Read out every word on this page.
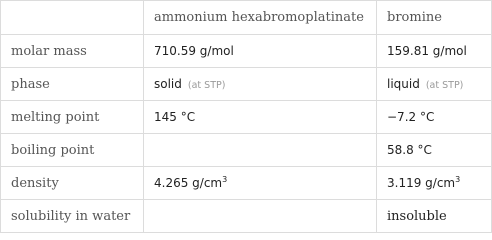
	ammonium hexabromoplatinate	bromine
molar mass	710.59 g/mol	159.81 g/mol
phase	solid (at STP)	liquid (at STP)
melting point	145 °C	−7.2 °C
boiling point		58.8 °C
density	4.265 $g/cm^3$	3.119 $g/cm^3$
solubility in water		insoluble
